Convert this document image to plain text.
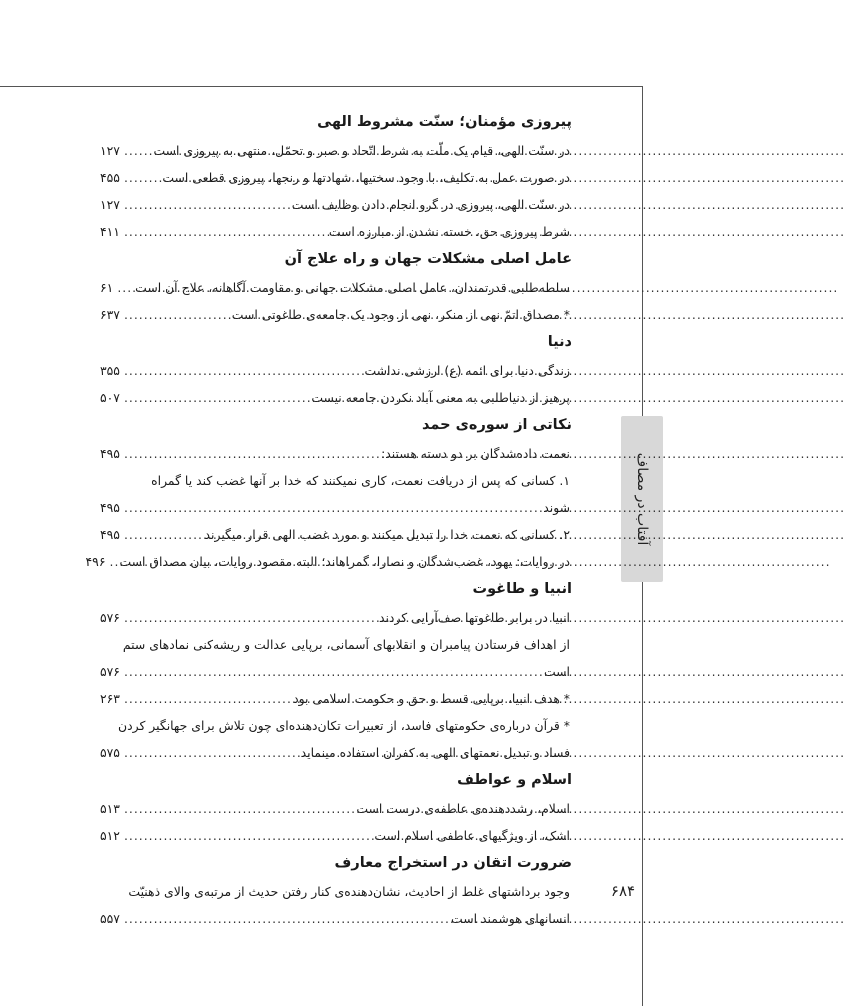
آفتاب در مصاف
۶۸۴
پیروزی مؤمنان؛ سنّت مشروط الهی
در سنّت الهی، قیام یک ملّت به شرط اتّحاد و صبر و تحمّل، منتهی به پیروزی است
.....
۱۲۷
در صورت عمل به تکلیف، با وجود سختیها، شهادتها و رنجها، پیروزی قطعی است
.....
۴۵۵
در سنّت الهی، پیروزی در گرو انجام دادن وظایف است
.....
۱۲۷
شرط پیروزی حق، خسته نشدن از مبارزه است
.....
۴۱۱
عامل اصلی مشکلات جهان و راه علاج آن
سلطه‌طلبی قدرتمندان، عامل اصلی مشکلات جهانی و مقاومت آگاهانه، علاج آن است
.....
۶۱
* مصداق اتمّ نهی از منکر، نهی از وجود یک جامعه‌ی طاغوتی است
.....
۶۳۷
دنیا
زندگی دنیا برای ائمه (ع) ارزشی نداشت
.....
۳۵۵
پرهیز از دنیاطلبی به معنی آباد نکردن جامعه نیست
.....
۵۰۷
نکاتی از سوره‌ی حمد
نعمت داده‌شدگان بر دو دسته هستند:
.....
۴۹۵
۱. کسانی که پس از دریافت نعمت، کاری نمیکنند که خدا بر آنها غضب کند یا گمراه
شوند
.....
۴۹۵
۲. کسانی که نعمت خدا را تبدیل میکنند و مورد غضب الهی قرار میگیرند
.....
۴۹۵
در روایات: یهود، غضب‌شدگان و نصارا، گمراهاند؛ البته مقصود روایات، بیان مصداق است
.....
۴۹۶
انبیا و طاغوت
انبیا در برابر طاغوتها صف‌آرایی کردند
.....
۵۷۶
از اهداف فرستادن پیامبران و انقلابهای آسمانی، برپایی عدالت و ریشه‌کنی نمادهای ستم
است
.....
۵۷۶
* هدف انبیا، برپایی قسط و حق و حکومت اسلامی بود
.....
۲۶۳
* قرآن درباره‌ی حکومتهای فاسد، از تعبیرات تکان‌دهنده‌ای چون تلاش برای جهانگیر کردن
فساد و تبدیل نعمتهای الهی به کفران استفاده مینماید
.....
۵۷۵
اسلام و عواطف
اسلام، رشددهنده‌ی عاطفه‌ی درست است
.....
۵۱۳
اشک، از ویژگیهای عاطفی اسلام است
.....
۵۱۲
ضرورت اتقان در استخراج معارف
وجود برداشتهای غلط از احادیث، نشان‌دهنده‌ی کنار رفتن حدیث از مرتبه‌ی والای ذهنیّت
انسانهای هوشمند است
.....
۵۵۷
